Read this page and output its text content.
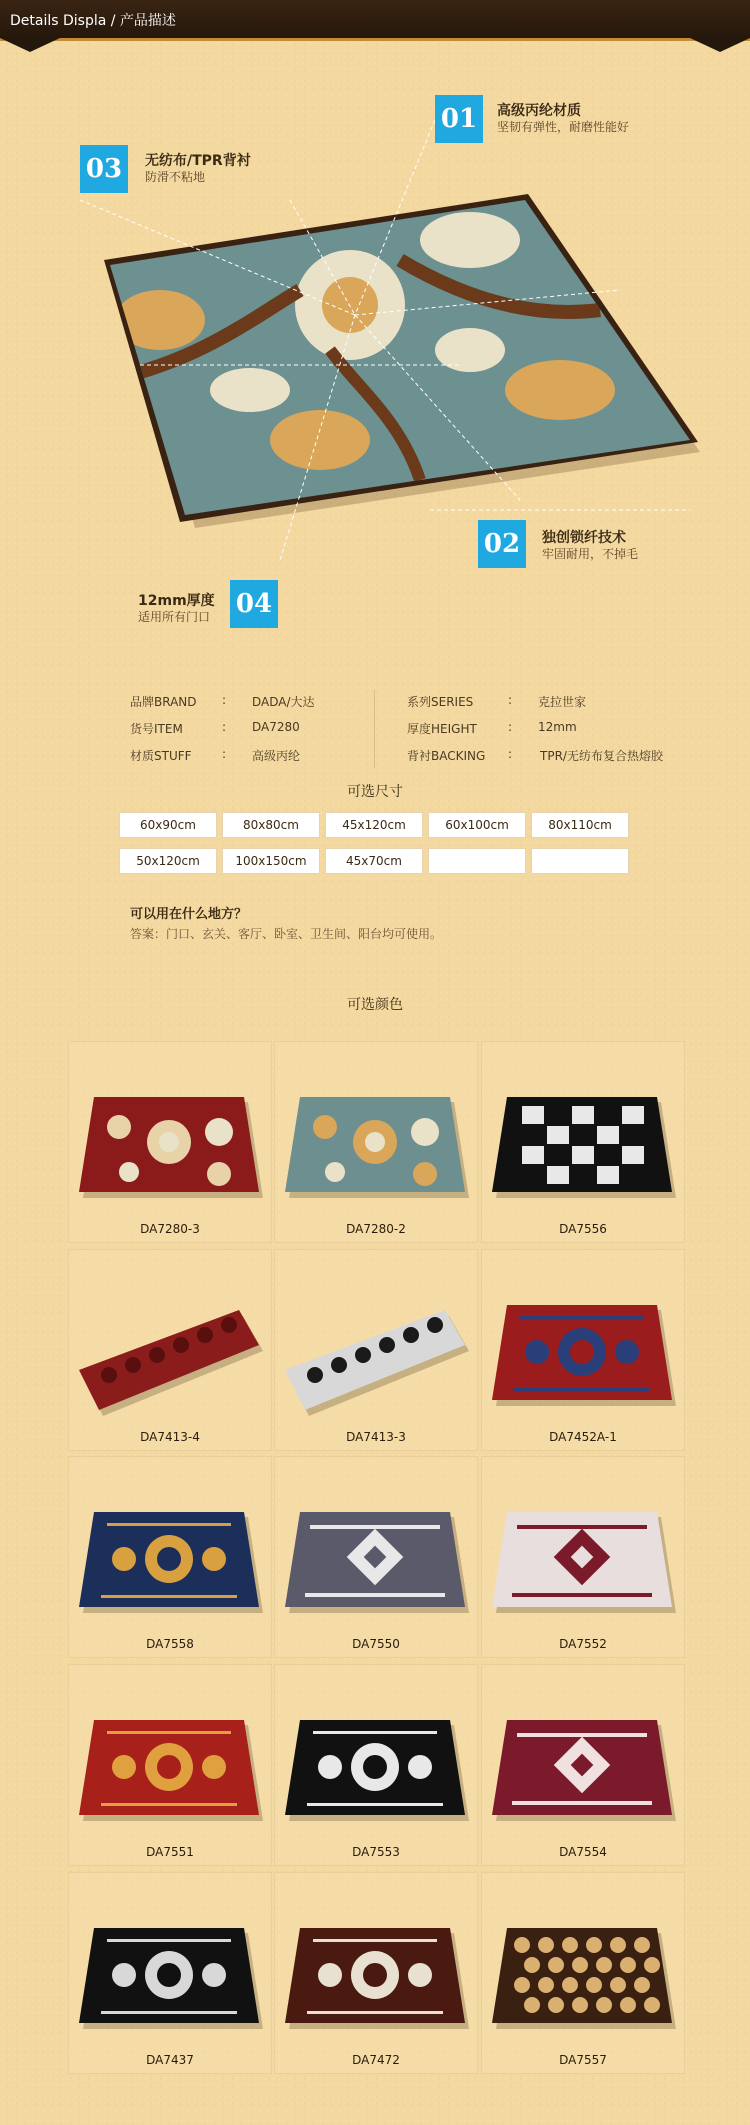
Details Displa / 产品描述
01	高级丙纶材质
坚韧有弹性，耐磨性能好
03	无纺布/TPR背衬
防滑不粘地
02	独创锁纤技术
牢固耐用，不掉毛
04
12mm厚度
适用所有门口
品牌BRAND : DADA/大达
货号ITEM	: DA7280
材质STUFF	: 高级丙纶
系列SERIES	: 克拉世家
厚度HEIGHT	: 12mm
背衬BACKING : TPR/无纺布复合热熔胶
可选尺寸
60x90cm	80x80cm	45x120cm	60x100cm	80x110cm
50x120cm	100x150cm	45x70cm
可以用在什么地方？
答案：门口、玄关、客厅、卧室、卫生间、阳台均可使用。
可选颜色
DA7280-3	DA7280-2	DA7556
DA7413-4	DA7413-3	DA7452A-1
DA7558	DA7550	DA7552
DA7551	DA7553	DA7554
DA7437	DA7472	DA7557
